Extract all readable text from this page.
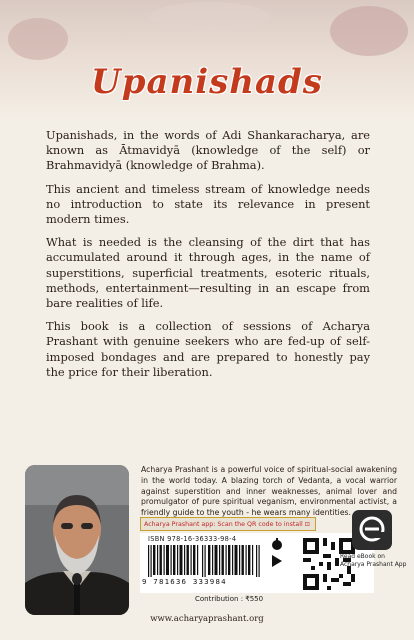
Upanishads

Upanishads, in the words of Adi Shankaracharya, are known as Ātmavidyā (knowledge of the self) or Brahmavidyā (knowledge of Brahma).

This ancient and timeless stream of knowledge needs no introduction to state its relevance in present modern times.

What is needed is the cleansing of the dirt that has accumulated around it through ages, in the name of superstitions, superficial treatments, esoteric rituals, methods, entertainment—resulting in an escape from bare realities of life.

This book is a collection of sessions of Acharya Prashant with genuine seekers who are fed-up of self-imposed bondages and are prepared to honestly pay the price for their liberation.

Acharya Prashant is a powerful voice of spiritual-social awakening in the world today. A blazing torch of Vedanta, a vocal warrior against superstition and inner weaknesses, animal lover and promulgator of pure spiritual veganism, environmental activist, a friendly guide to the youth - he wears many identities.
Acharya Prashant app: Scan the QR code to install ⊡
ISBN 978-16-36333-98-4
9 781636 333984
Contribution : ₹550
Read eBook on Acharya Prashant App
www.acharyaprashant.org
